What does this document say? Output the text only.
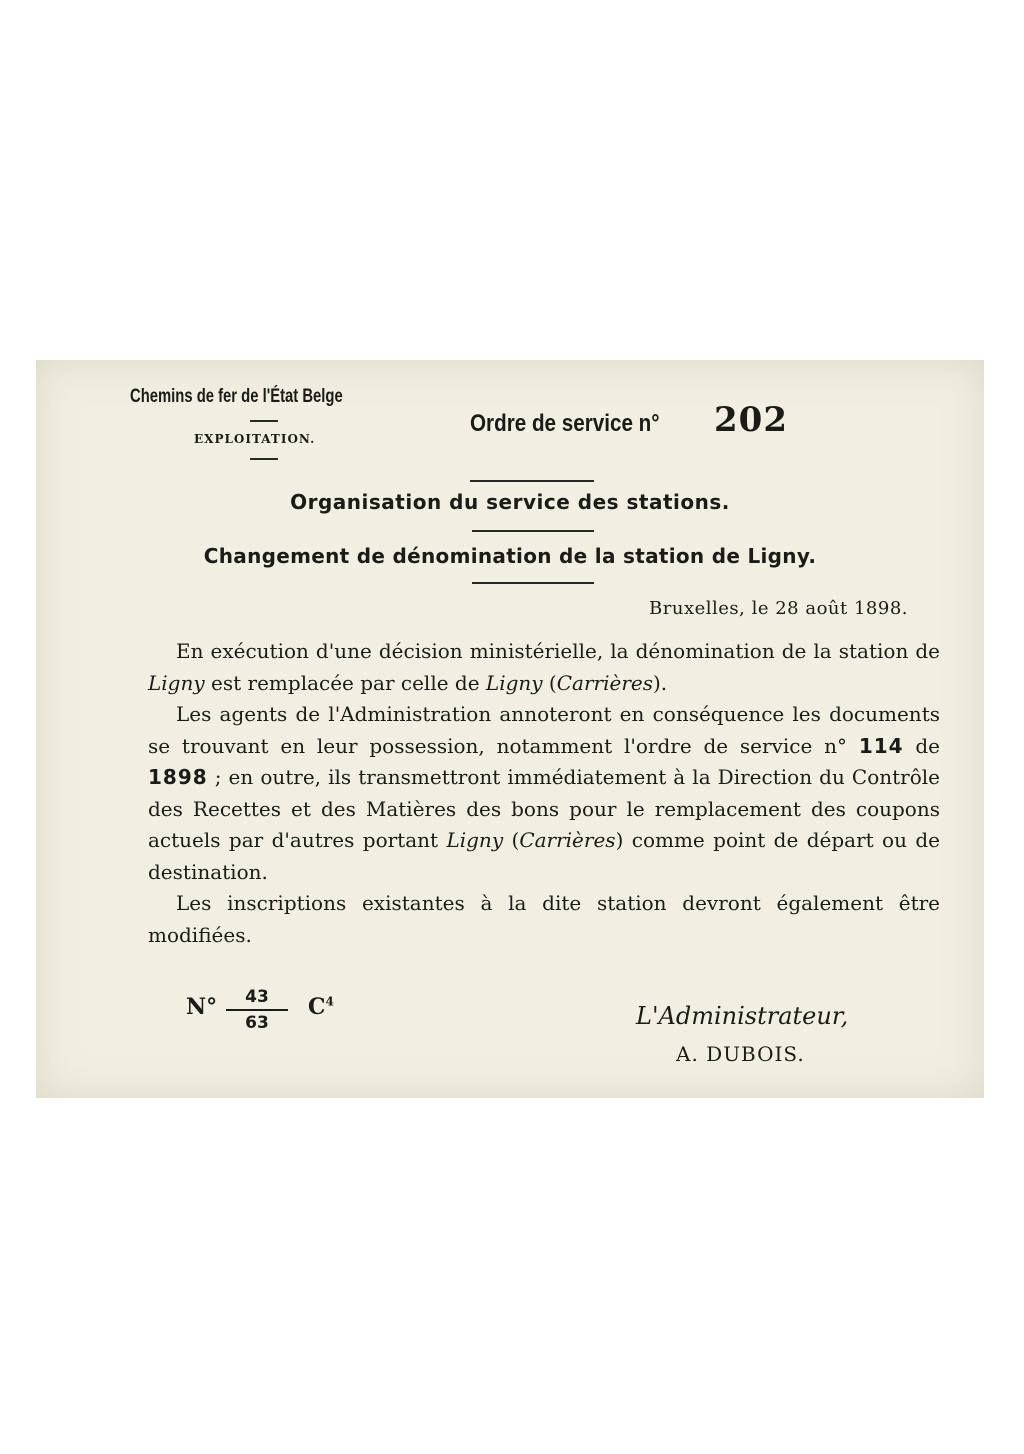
Chemins de fer de l'État Belge
EXPLOITATION.
Ordre de service n° 202
Organisation du service des stations.
Changement de dénomination de la station de Ligny.
Bruxelles, le 28 août 1898.

En exécution d'une décision ministérielle, la dénomination de la station de Ligny est remplacée par celle de Ligny (Carrières).

Les agents de l'Administration annoteront en conséquence les documents se trouvant en leur possession, notamment l'ordre de service n° 114 de 1898 ; en outre, ils transmettront immédiatement à la Direction du Contrôle des Recettes et des Matières des bons pour le remplacement des coupons actuels par d'autres portant Ligny (Carrières) comme point de départ ou de destination.

Les inscriptions existantes à la dite station devront également être modifiées.

N°	43
63
$C^4$
L'Administrateur,
A. DUBOIS.
